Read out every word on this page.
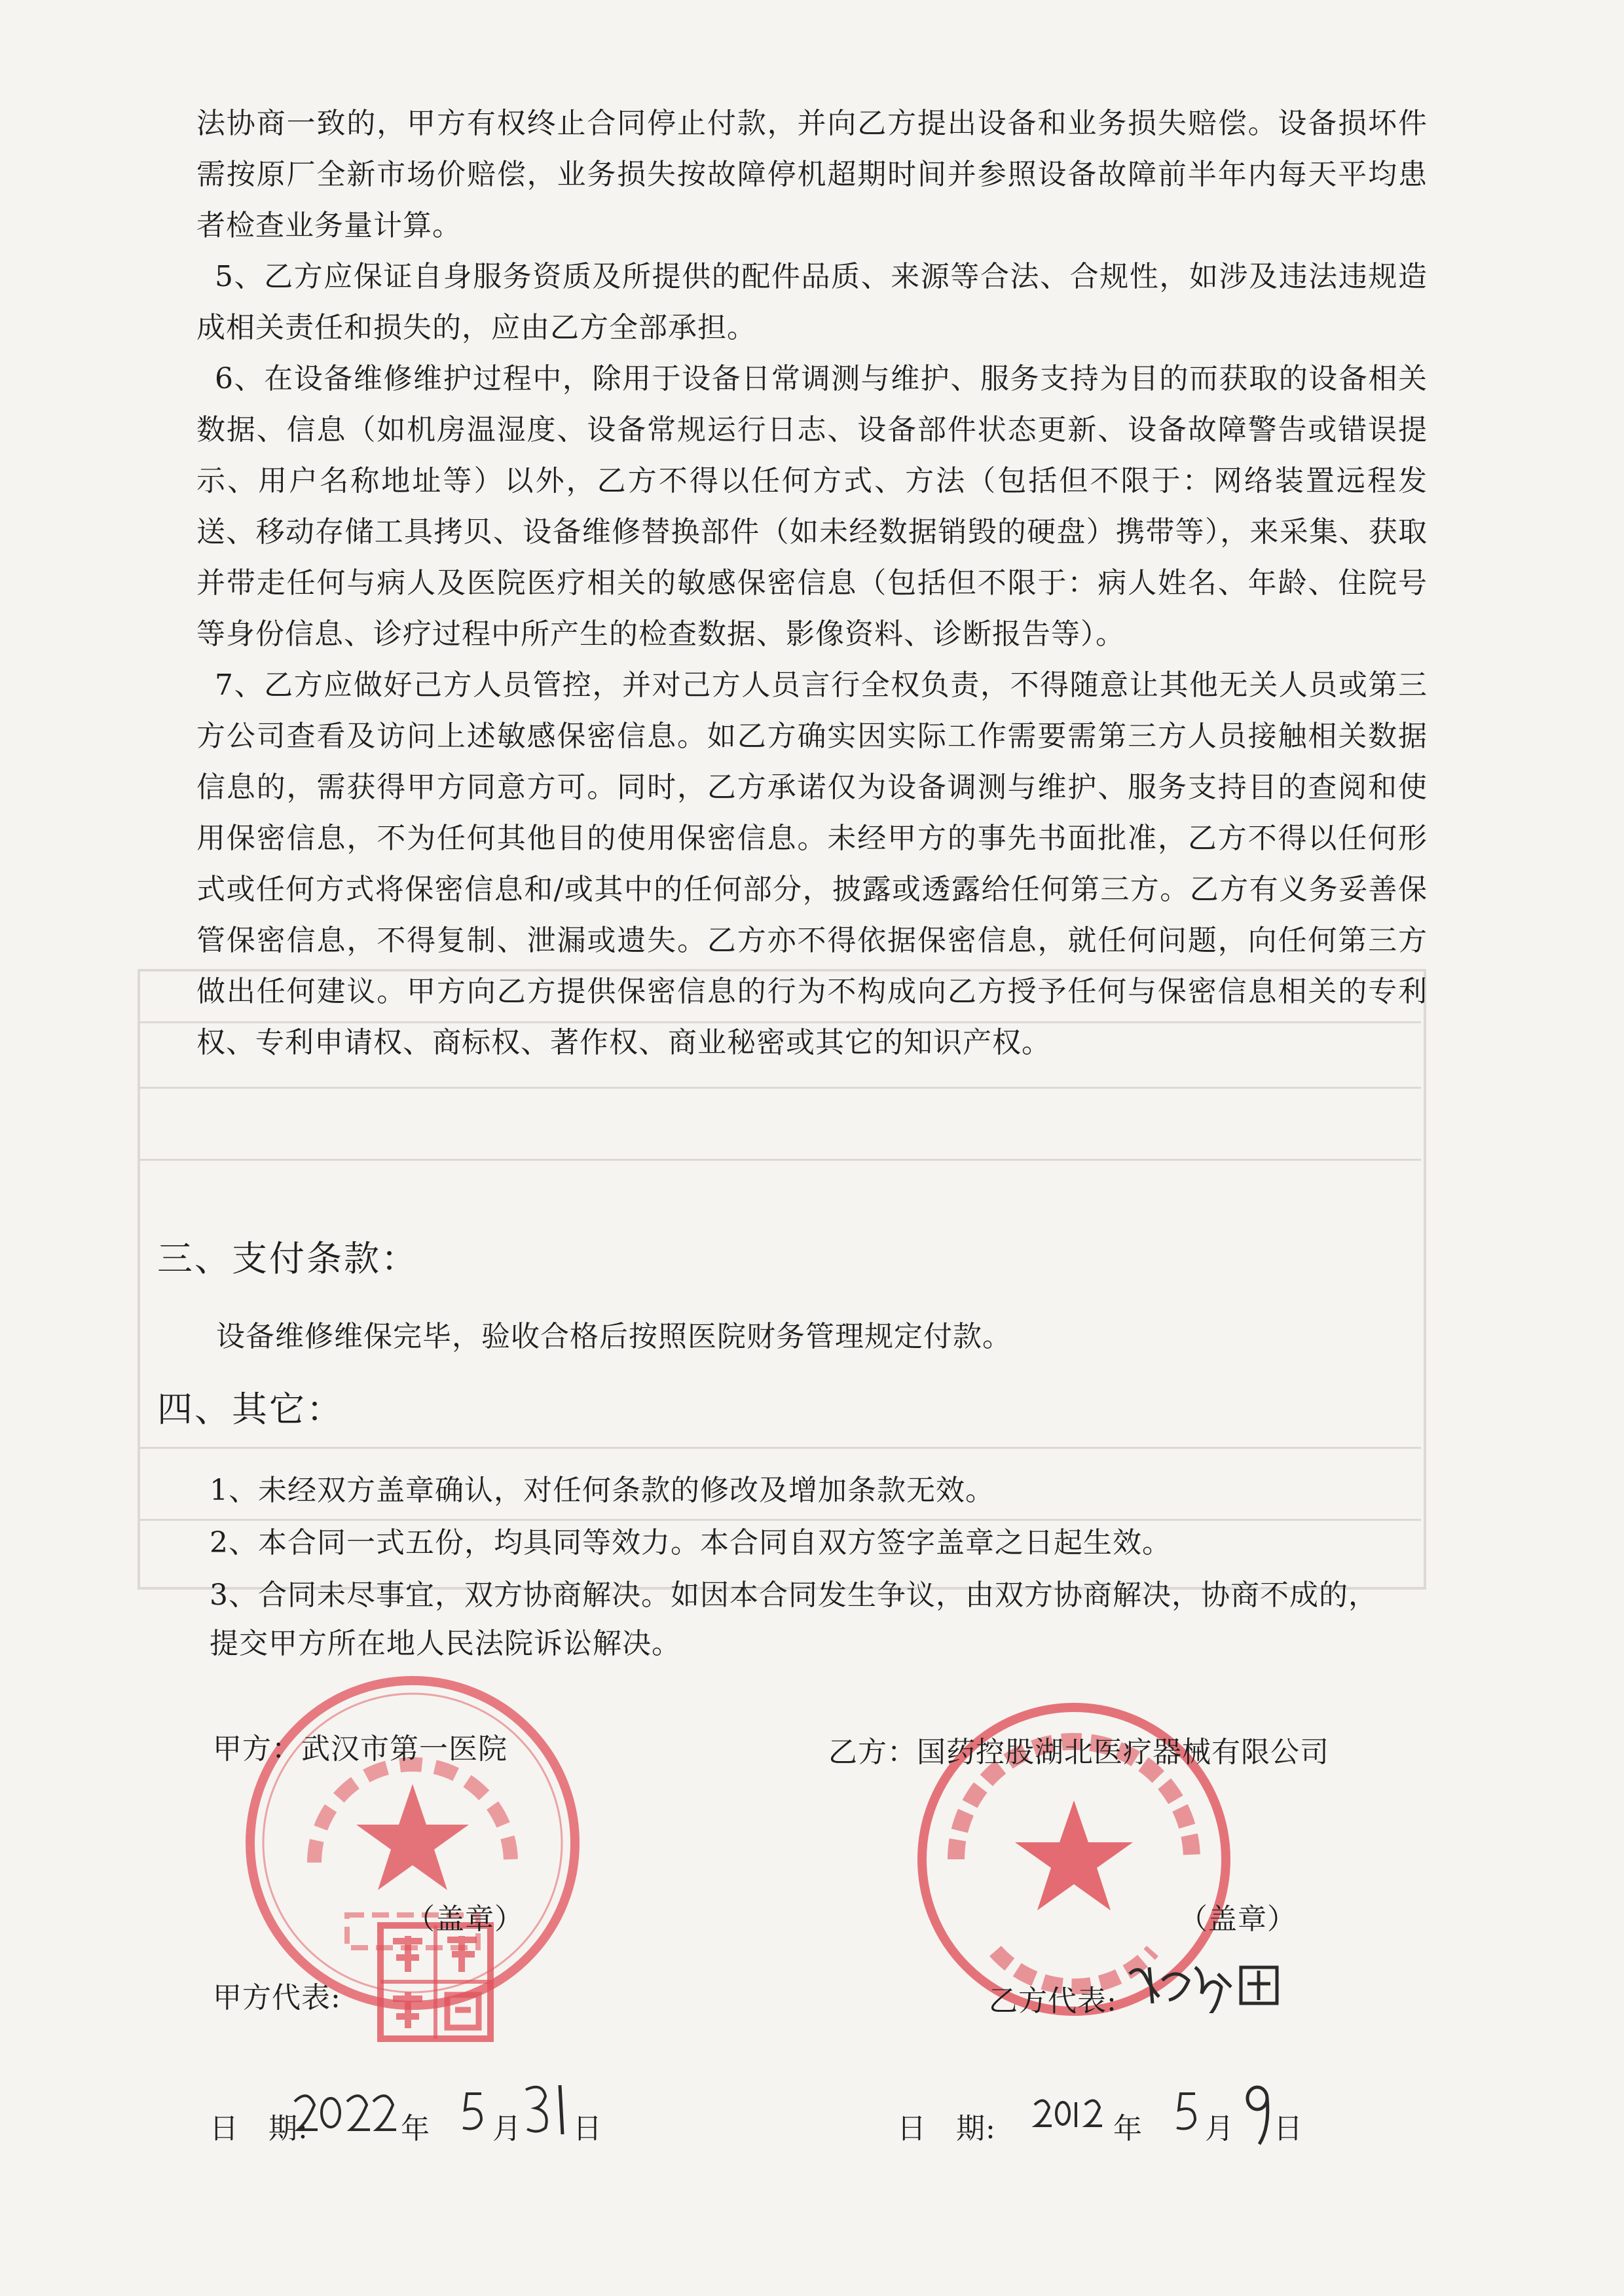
法协商一致的，甲方有权终止合同停止付款，并向乙方提出设备和业务损失赔偿。设备损坏件需按原厂全新市场价赔偿，业务损失按故障停机超期时间并参照设备故障前半年内每天平均患者检查业务量计算。

5、乙方应保证自身服务资质及所提供的配件品质、来源等合法、合规性，如涉及违法违规造成相关责任和损失的，应由乙方全部承担。

6、在设备维修维护过程中，除用于设备日常调测与维护、服务支持为目的而获取的设备相关数据、信息（如机房温湿度、设备常规运行日志、设备部件状态更新、设备故障警告或错误提示、用户名称地址等）以外，乙方不得以任何方式、方法（包括但不限于：网络装置远程发送、移动存储工具拷贝、设备维修替换部件（如未经数据销毁的硬盘）携带等），来采集、获取并带走任何与病人及医院医疗相关的敏感保密信息（包括但不限于：病人姓名、年龄、住院号等身份信息、诊疗过程中所产生的检查数据、影像资料、诊断报告等）。

7、乙方应做好己方人员管控，并对己方人员言行全权负责，不得随意让其他无关人员或第三方公司查看及访问上述敏感保密信息。如乙方确实因实际工作需要需第三方人员接触相关数据信息的，需获得甲方同意方可。同时，乙方承诺仅为设备调测与维护、服务支持目的查阅和使用保密信息，不为任何其他目的使用保密信息。未经甲方的事先书面批准，乙方不得以任何形式或任何方式将保密信息和/或其中的任何部分，披露或透露给任何第三方。乙方有义务妥善保管保密信息，不得复制、泄漏或遗失。乙方亦不得依据保密信息，就任何问题，向任何第三方做出任何建议。甲方向乙方提供保密信息的行为不构成向乙方授予任何与保密信息相关的专利权、专利申请权、商标权、著作权、商业秘密或其它的知识产权。

三、支付条款：
设备维修维保完毕，验收合格后按照医院财务管理规定付款。
四、其它：
1、未经双方盖章确认，对任何条款的修改及增加条款无效。
2、本合同一式五份，均具同等效力。本合同自双方签字盖章之日起生效。
3、合同未尽事宜，双方协商解决。如因本合同发生争议，由双方协商解决，协商不成的，提交甲方所在地人民法院诉讼解决。
甲方：武汉市第一医院	乙方：国药控股湖北医疗器械有限公司
（盖章）	（盖章）
甲方代表:	乙方代表:
日　期:	日　期:
年 月 日	年 月 日
